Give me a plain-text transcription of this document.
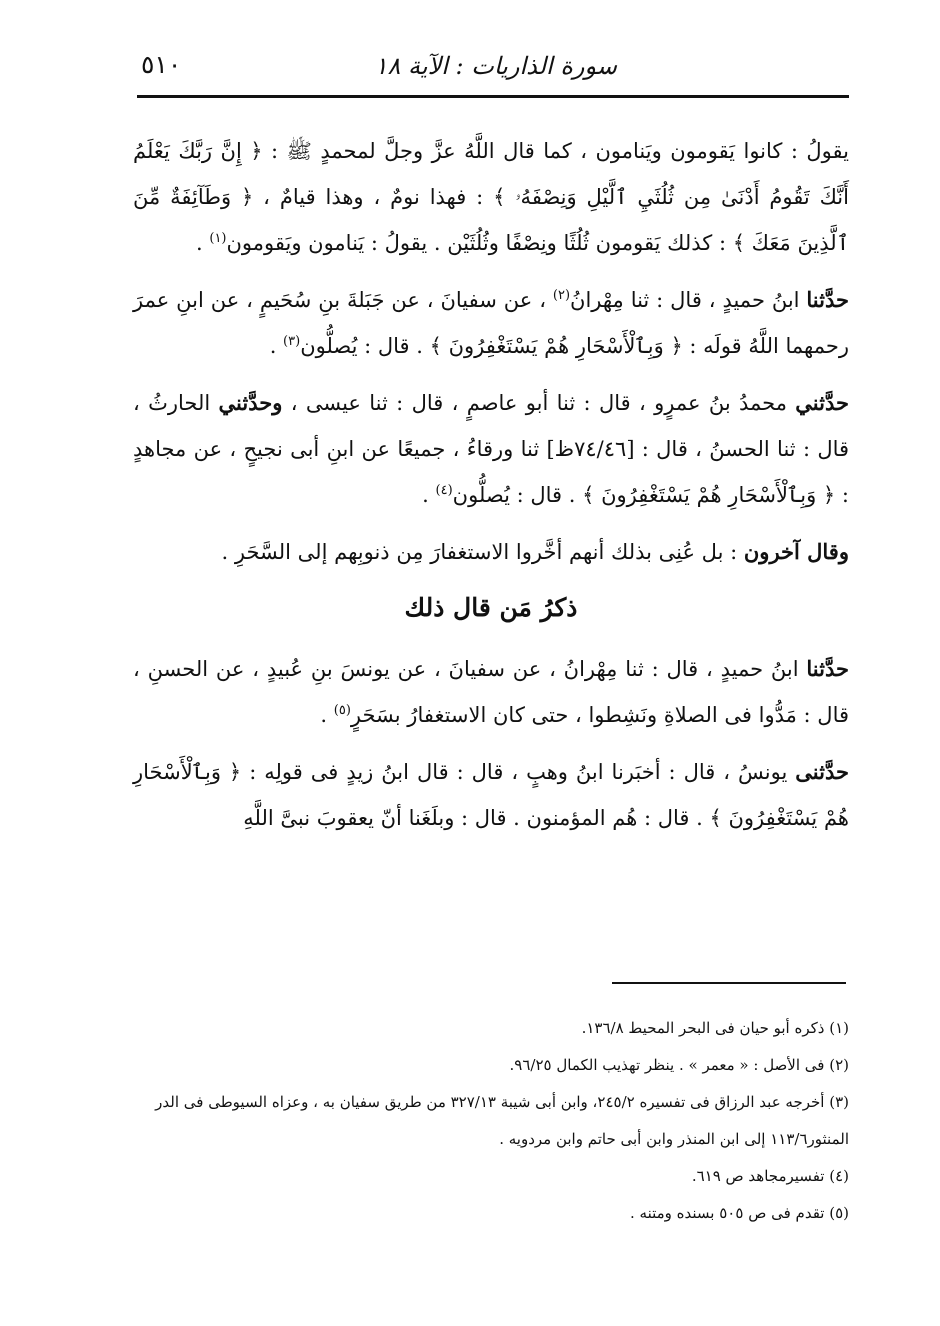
سورة الذاريات : الآية ١٨
٥١٠

يقولُ : كانوا يَقومون ويَنامون ، كما قال اللَّهُ عزَّ وجلَّ لمحمدٍ ﷺ : ﴿ إِنَّ رَبَّكَ يَعْلَمُ أَنَّكَ تَقُومُ أَدْنَىٰ مِن ثُلُثَيِ ٱلَّيْلِ وَنِصْفَهُۥ ﴾ : فهذا نومٌ ، وهذا قيامٌ ، ﴿ وَطَآئِفَةٌ مِّنَ ٱلَّذِينَ مَعَكَ ﴾ : كذلك يَقومون ثُلُثًا ونِصْفًا وثُلُثَيْن . يقولُ : يَنامون ويَقومون$^{(١)}$ .

حدَّثنا ابنُ حميدٍ ، قال : ثنا مِهْرانُ$^{(٢)}$ ، عن سفيانَ ، عن جَبَلةَ بنِ سُحَيمٍ ، عن ابنِ عمرَ رحمهما اللَّهُ قولَه : ﴿ وَبِٱلْأَسْحَارِ هُمْ يَسْتَغْفِرُونَ ﴾ . قال : يُصلُّون$^{(٣)}$ .

حدَّثني محمدُ بنُ عمرٍو ، قال : ثنا أبو عاصمٍ ، قال : ثنا عيسى ، وحدَّثني الحارثُ ، قال : ثنا الحسنُ ، قال : [٧٤/٤٦ظ] ثنا ورقاءُ ، جميعًا عن ابنِ أبى نجيحٍ ، عن مجاهدٍ : ﴿ وَبِٱلْأَسْحَارِ هُمْ يَسْتَغْفِرُونَ ﴾ . قال : يُصلُّون$^{(٤)}$ .

وقال آخرون : بل عُنِى بذلك أنهم أخَّروا الاستغفارَ مِن ذنوبِهم إلى السَّحَرِ .

ذكرُ مَن قال ذلك

حدَّثنا ابنُ حميدٍ ، قال : ثنا مِهْرانُ ، عن سفيانَ ، عن يونسَ بنِ عُبيدٍ ، عن الحسنِ ، قال : مَدُّوا فى الصلاةِ ونَشِطوا ، حتى كان الاستغفارُ بسَحَرٍ$^{(٥)}$ .

حدَّثنى يونسُ ، قال : أخبَرنا ابنُ وهبٍ ، قال : قال ابنُ زيدٍ فى قولِه : ﴿ وَبِٱلْأَسْحَارِ هُمْ يَسْتَغْفِرُونَ ﴾ . قال : هُم المؤمنون . قال : وبلَغَنا أنّ يعقوبَ نبىَّ اللَّهِ

(١) ذكره أبو حيان فى البحر المحيط ١٣٦/٨.

(٢) فى الأصل : « معمر » . ينظر تهذيب الكمال ٩٦/٢٥.

(٣) أخرجه عبد الرزاق فى تفسيره ٢٤٥/٢، وابن أبى شيبة ٣٢٧/١٣ من طريق سفيان به ، وعزاه السيوطى فى الدر المنثور١١٣/٦ إلى ابن المنذر وابن أبى حاتم وابن مردويه .

(٤) تفسيرمجاهد ص ٦١٩.

(٥) تقدم فى ص ٥٠٥ بسنده ومتنه .
